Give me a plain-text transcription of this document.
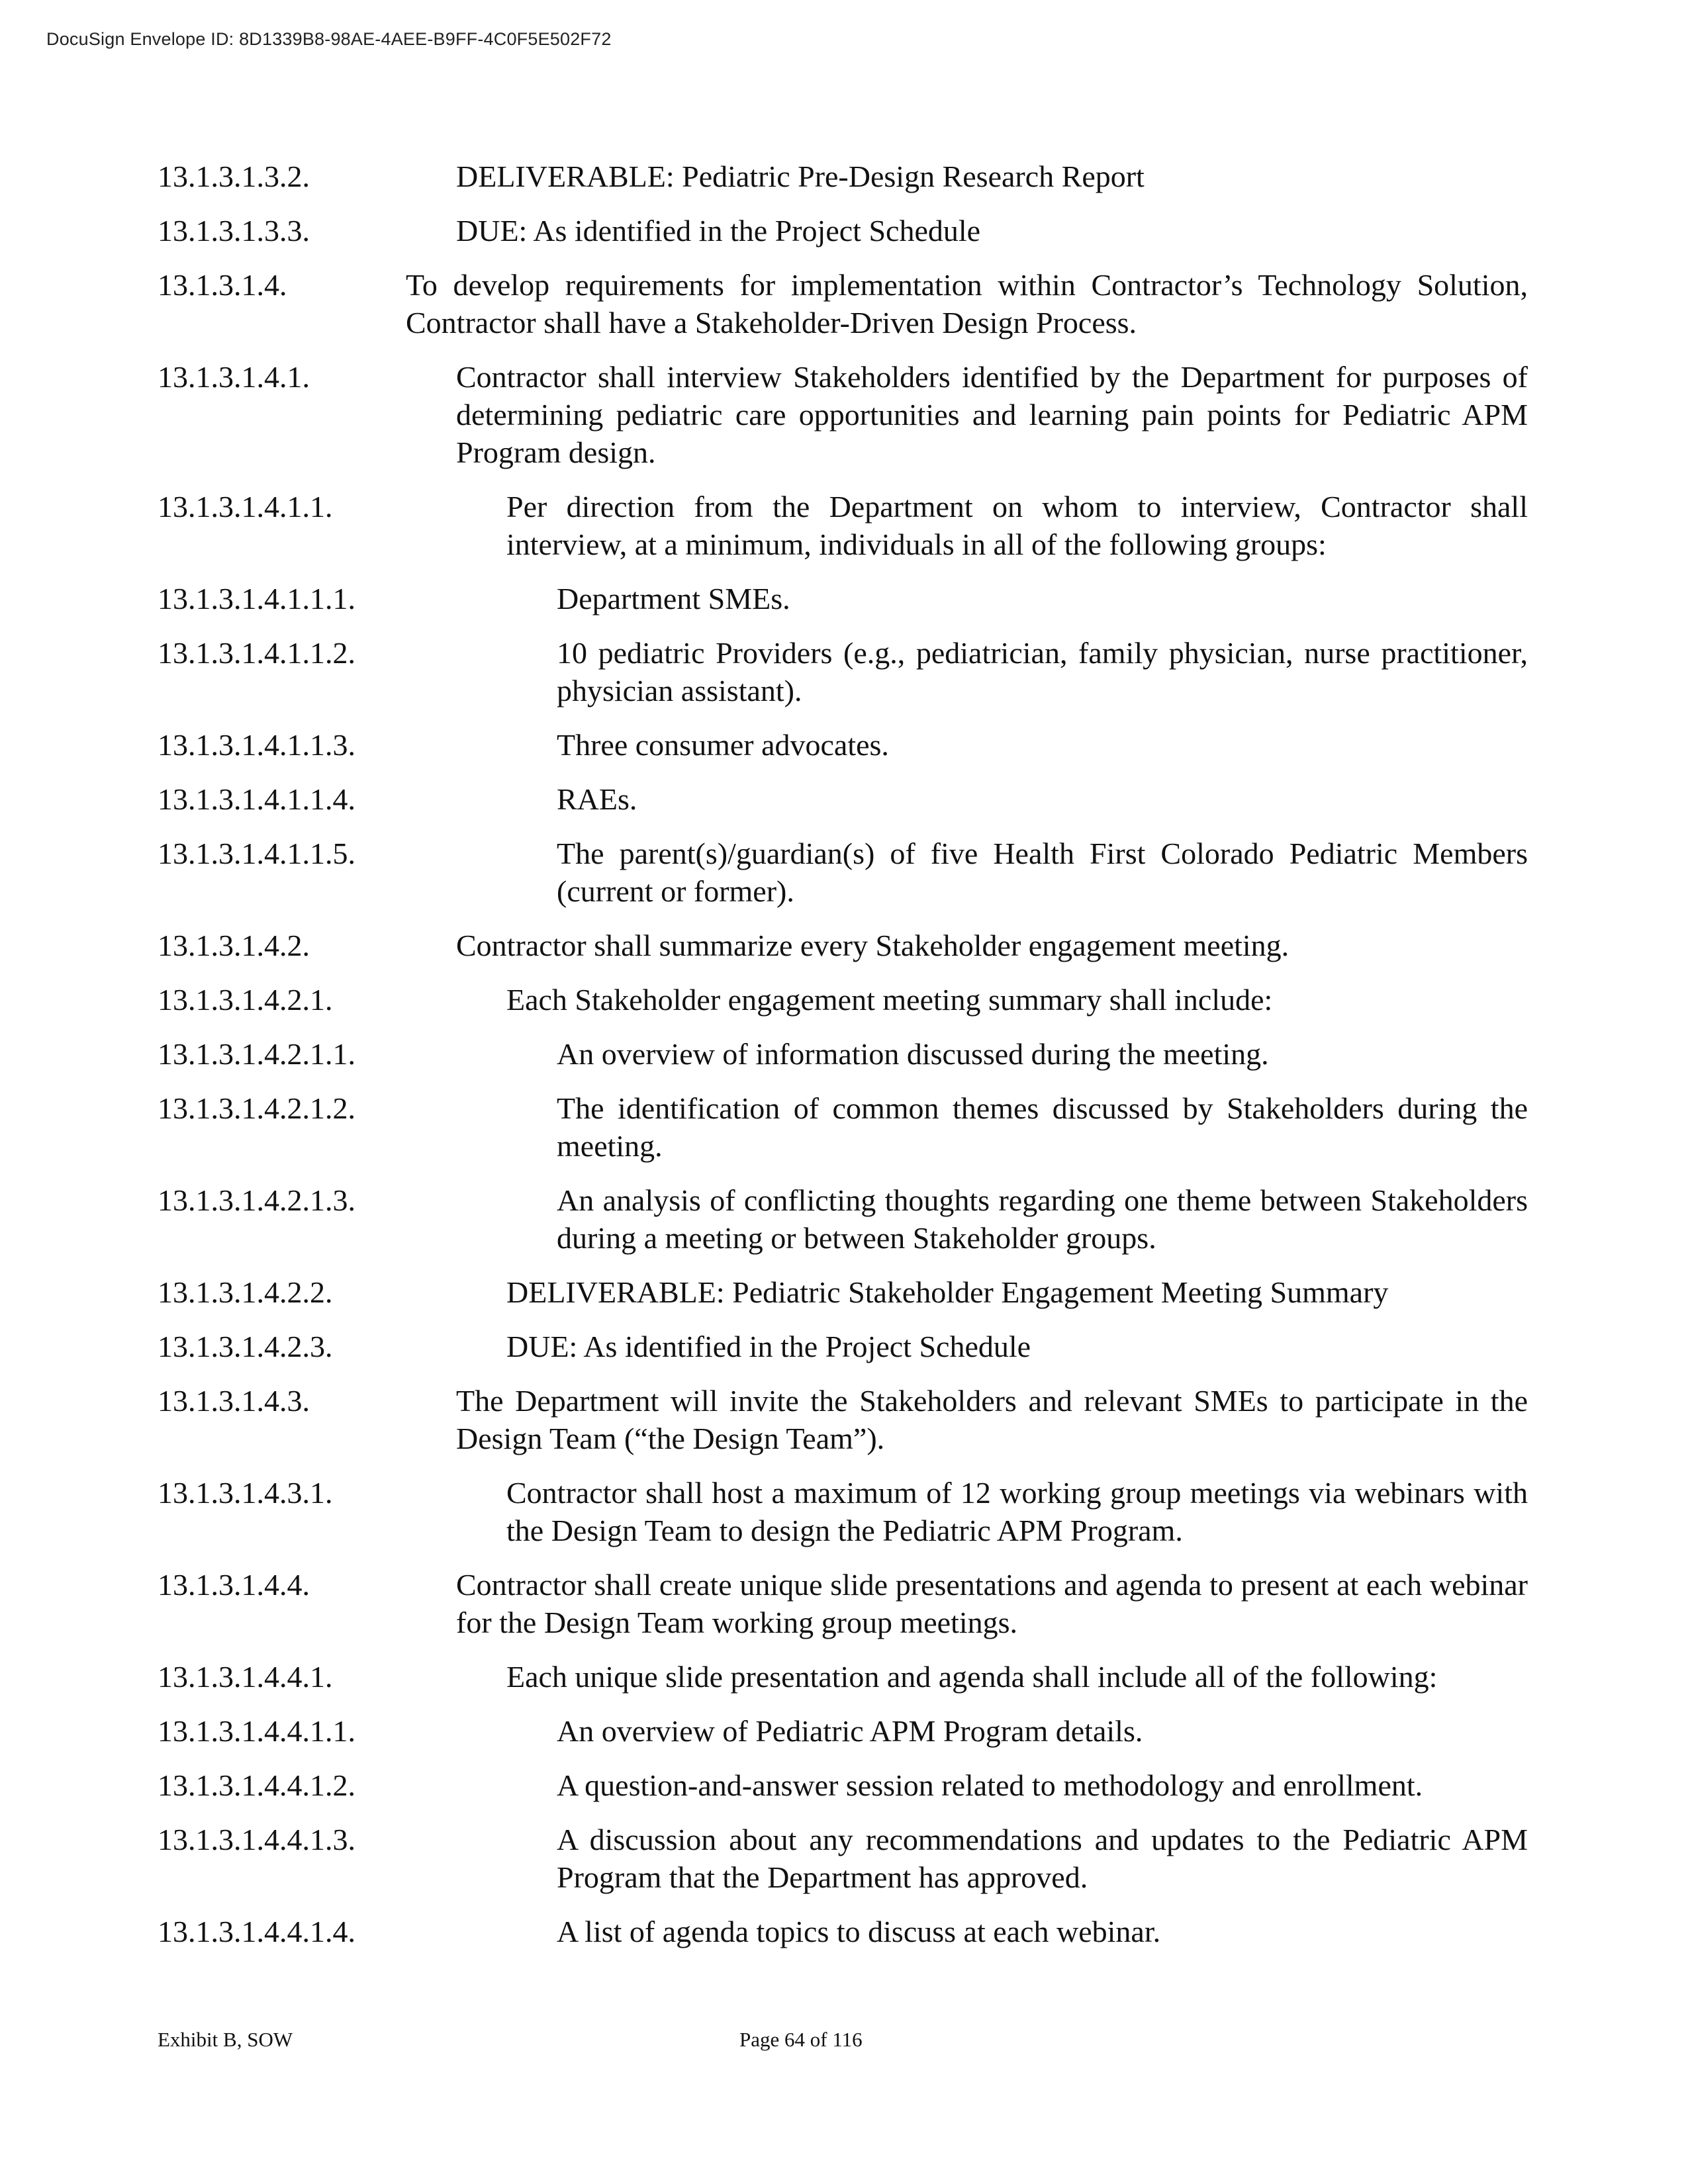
DocuSign Envelope ID: 8D1339B8-98AE-4AEE-B9FF-4C0F5E502F72
13.1.3.1.3.2.	DELIVERABLE: Pediatric Pre-Design Research Report
13.1.3.1.3.3.	DUE: As identified in the Project Schedule
13.1.3.1.4.	To develop requirements for implementation within Contractor’s Technology Solution, Contractor shall have a Stakeholder-Driven Design Process.
13.1.3.1.4.1.	Contractor shall interview Stakeholders identified by the Department for purposes of determining pediatric care opportunities and learning pain points for Pediatric APM Program design.
13.1.3.1.4.1.1.	Per direction from the Department on whom to interview, Contractor shall interview, at a minimum, individuals in all of the following groups:
13.1.3.1.4.1.1.1.	Department SMEs.
13.1.3.1.4.1.1.2.	10 pediatric Providers (e.g., pediatrician, family physician, nurse practitioner, physician assistant).
13.1.3.1.4.1.1.3.	Three consumer advocates.
13.1.3.1.4.1.1.4.	RAEs.
13.1.3.1.4.1.1.5.	The parent(s)/guardian(s) of five Health First Colorado Pediatric Members (current or former).
13.1.3.1.4.2.	Contractor shall summarize every Stakeholder engagement meeting.
13.1.3.1.4.2.1.	Each Stakeholder engagement meeting summary shall include:
13.1.3.1.4.2.1.1.	An overview of information discussed during the meeting.
13.1.3.1.4.2.1.2.	The identification of common themes discussed by Stakeholders during the meeting.
13.1.3.1.4.2.1.3.	An analysis of conflicting thoughts regarding one theme between Stakeholders during a meeting or between Stakeholder groups.
13.1.3.1.4.2.2.	DELIVERABLE: Pediatric Stakeholder Engagement Meeting Summary
13.1.3.1.4.2.3.	DUE: As identified in the Project Schedule
13.1.3.1.4.3.	The Department will invite the Stakeholders and relevant SMEs to participate in the Design Team (“the Design Team”).
13.1.3.1.4.3.1.	Contractor shall host a maximum of 12 working group meetings via webinars with the Design Team to design the Pediatric APM Program.
13.1.3.1.4.4.	Contractor shall create unique slide presentations and agenda to present at each webinar for the Design Team working group meetings.
13.1.3.1.4.4.1.	Each unique slide presentation and agenda shall include all of the following:
13.1.3.1.4.4.1.1.	An overview of Pediatric APM Program details.
13.1.3.1.4.4.1.2.	A question-and-answer session related to methodology and enrollment.
13.1.3.1.4.4.1.3.	A discussion about any recommendations and updates to the Pediatric APM Program that the Department has approved.
13.1.3.1.4.4.1.4.	A list of agenda topics to discuss at each webinar.
Exhibit B, SOW	Page 64 of 116
